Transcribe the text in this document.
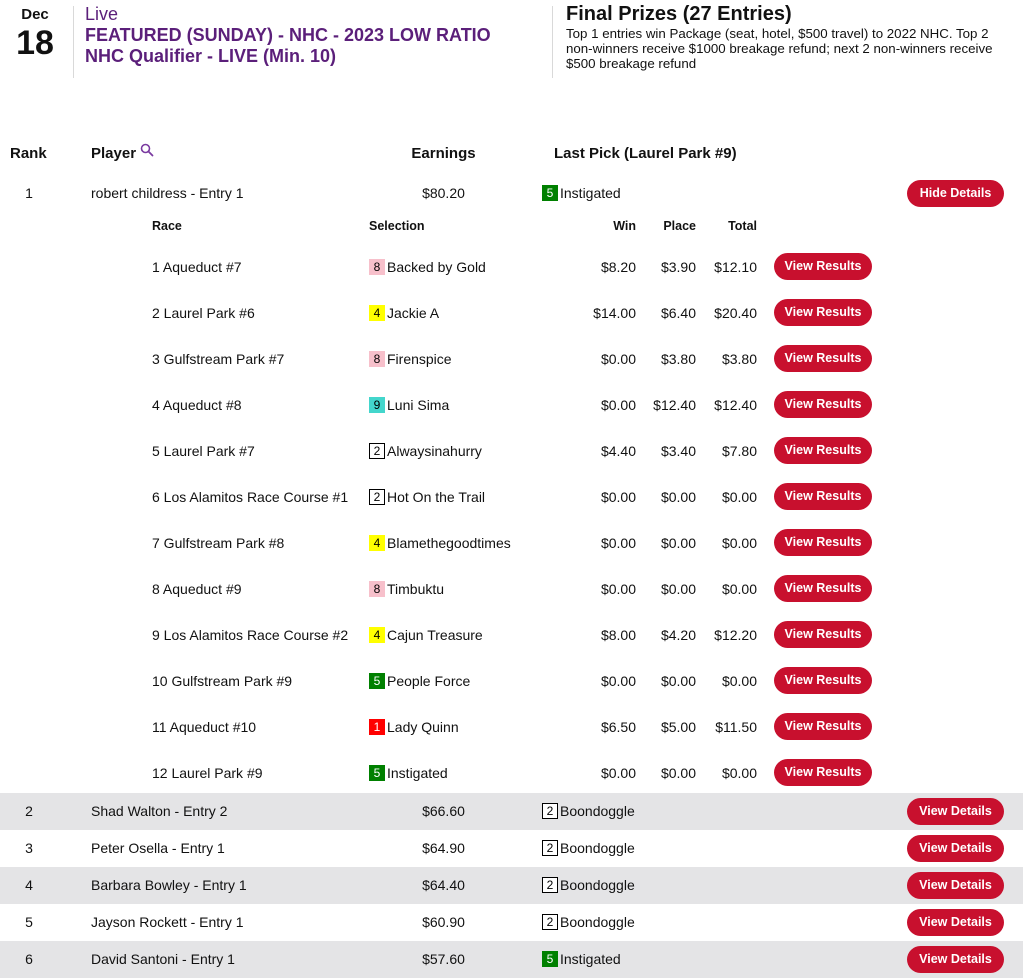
Dec
18
Live
FEATURED (SUNDAY) - NHC - 2023 LOW RATIO NHC Qualifier - LIVE (Min. 10)
Final Prizes (27 Entries)
Top 1 entries win Package (seat, hotel, $500 travel) to 2022 NHC. Top 2 non-winners receive $1000 breakage refund; next 2 non-winners receive $500 breakage refund
Rank	Player	Earnings	Last Pick (Laurel Park #9)
1	robert childress - Entry 1	$80.20	5 Instigated	Hide Details
Race	Selection	Win	Place	Total
1 Aqueduct #7	8 Backed by Gold	$8.20	$3.90	$12.10	View Results
2 Laurel Park #6	4 Jackie A	$14.00	$6.40	$20.40	View Results
3 Gulfstream Park #7	8 Firenspice	$0.00	$3.80	$3.80	View Results
4 Aqueduct #8	9 Luni Sima	$0.00	$12.40	$12.40	View Results
5 Laurel Park #7	2 Alwaysinahurry	$4.40	$3.40	$7.80	View Results
6 Los Alamitos Race Course #1	2 Hot On the Trail	$0.00	$0.00	$0.00	View Results
7 Gulfstream Park #8	4 Blamethegoodtimes	$0.00	$0.00	$0.00	View Results
8 Aqueduct #9	8 Timbuktu	$0.00	$0.00	$0.00	View Results
9 Los Alamitos Race Course #2	4 Cajun Treasure	$8.00	$4.20	$12.20	View Results
10 Gulfstream Park #9	5 People Force	$0.00	$0.00	$0.00	View Results
11 Aqueduct #10	1 Lady Quinn	$6.50	$5.00	$11.50	View Results
12 Laurel Park #9	5 Instigated	$0.00	$0.00	$0.00	View Results
2	Shad Walton - Entry 2	$66.60	2 Boondoggle	View Details
3	Peter Osella - Entry 1	$64.90	2 Boondoggle	View Details
4	Barbara Bowley - Entry 1	$64.40	2 Boondoggle	View Details
5	Jayson Rockett - Entry 1	$60.90	2 Boondoggle	View Details
6	David Santoni - Entry 1	$57.60	5 Instigated	View Details
